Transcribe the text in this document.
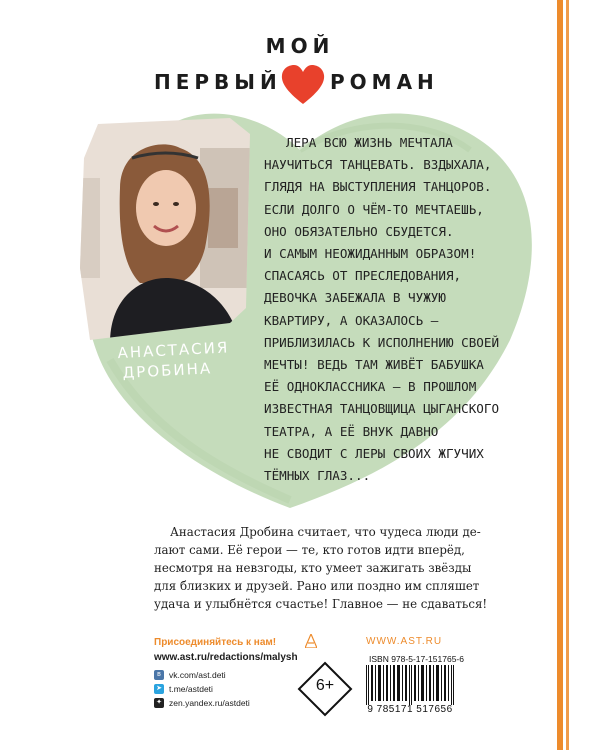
МОЙ
ПЕРВЫЙ РОМАН
АНАСТАСИЯ
ДРОБИНА
ЛЕРА ВСЮ ЖИЗНЬ МЕЧТАЛА
НАУЧИТЬСЯ ТАНЦЕВАТЬ. ВЗДЫХАЛА,
ГЛЯДЯ НА ВЫСТУПЛЕНИЯ ТАНЦОРОВ.
ЕСЛИ ДОЛГО О ЧЁМ-ТО МЕЧТАЕШЬ,
ОНО ОБЯЗАТЕЛЬНО СБУДЕТСЯ.
И САМЫМ НЕОЖИДАННЫМ ОБРАЗОМ!
СПАСАЯСЬ ОТ ПРЕСЛЕДОВАНИЯ,
ДЕВОЧКА ЗАБЕЖАЛА В ЧУЖУЮ
КВАРТИРУ, А ОКАЗАЛОСЬ —
ПРИБЛИЗИЛАСЬ К ИСПОЛНЕНИЮ СВОЕЙ
МЕЧТЫ! ВЕДЬ ТАМ ЖИВЁТ БАБУШКА
ЕЁ ОДНОКЛАССНИКА — В ПРОШЛОМ
ИЗВЕСТНАЯ ТАНЦОВЩИЦА ЦЫГАНСКОГО
ТЕАТРА, А ЕЁ ВНУК ДАВНО
НЕ СВОДИТ С ЛЕРЫ СВОИХ ЖГУЧИХ
ТЁМНЫХ ГЛАЗ...
Анастасия Дробина считает, что чудеса люди де-
лают сами. Её герои — те, кто готов идти вперёд,
несмотря на невзгоды, кто умеет зажигать звёзды
для близких и друзей. Рано или поздно им спляшет
удача и улыбнётся счастье! Главное — не сдаваться!
Присоединяйтесь к нам!
www.ast.ru/redactions/malysh
в vk.com/ast.deti
➤ t.me/astdeti
✦ zen.yandex.ru/astdeti
WWW.AST.RU
6+
ISBN 978-5-17-151765-6
9 785171 517656
